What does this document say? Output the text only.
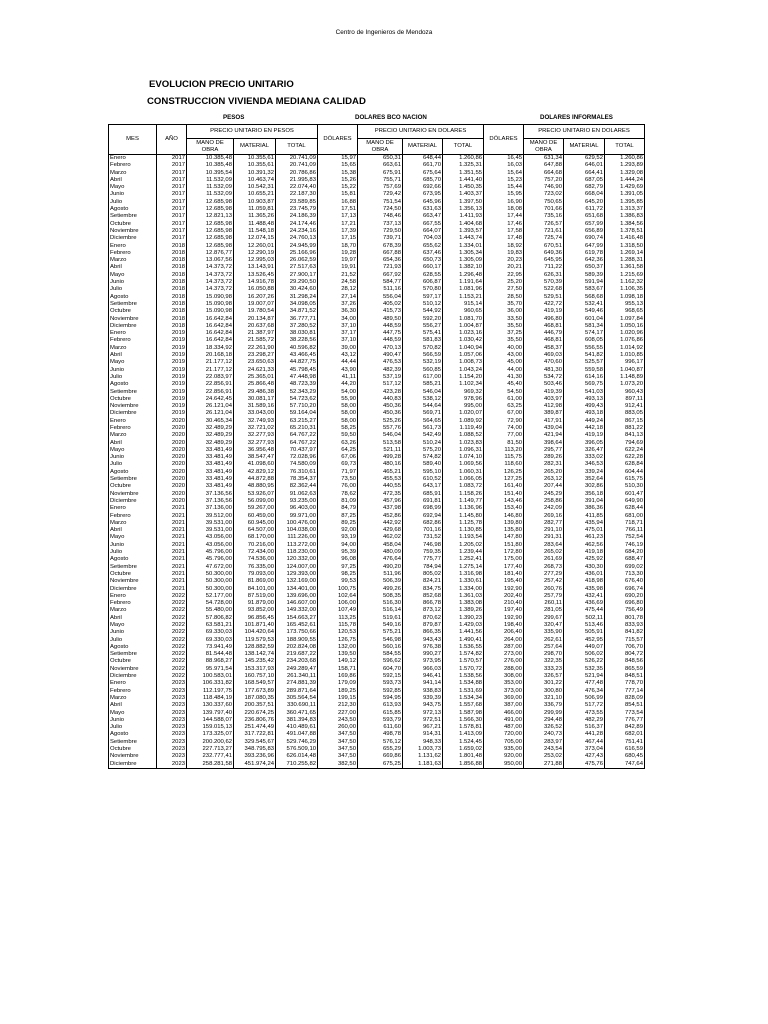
Centro de Ingenieros de Mendoza
EVOLUCION PRECIO UNITARIO
CONSTRUCCION VIVIENDA MEDIANA CALIDAD
PESOS	DOLARES BCO NACION	DOLARES INFORMALES
MES	AÑO	PRECIO UNITARIO EN PESOS			DÓLARES	PRECIO UNITARIO EN DOLARES			DÓLARES	PRECIO UNITARIO EN DOLARES		
		MANO DE OBRA	MATERIAL	TOTAL		MANO DE OBRA	MATERIAL	TOTAL		MANO DE OBRA	MATERIAL	TOTAL
Enero	2017	10.385,48	10.355,61	20.741,09	15,97	650,31	648,44	1.260,86	16,45	631,34	629,52	1.260,86
Febrero	2017	10.385,48	10.355,61	20.741,09	15,65	663,61	661,70	1.325,31	16,03	647,88	646,01	1.293,89
Marzo	2017	10.395,54	10.391,32	20.786,86	15,38	675,91	675,64	1.351,55	15,64	664,68	664,41	1.329,08
Abril	2017	11.532,09	10.463,74	21.995,83	15,26	755,71	685,70	1.441,40	15,23	757,20	687,05	1.444,24
Mayo	2017	11.532,09	10.542,31	22.074,40	15,22	757,69	692,66	1.450,35	15,44	746,90	682,79	1.429,69
Junio	2017	11.532,09	10.655,21	22.187,30	15,81	729,42	673,95	1.403,37	15,95	723,02	668,04	1.391,05
Julio	2017	12.685,98	10.903,87	23.589,85	16,88	751,54	645,96	1.397,50	16,90	750,65	645,20	1.395,85
Agosto	2017	12.685,98	11.059,81	23.745,79	17,51	724,50	631,63	1.356,13	18,08	701,66	611,72	1.313,37
Setiembre	2017	12.821,13	11.365,26	24.186,39	17,13	748,46	663,47	1.411,93	17,44	735,16	651,68	1.386,83
Octubre	2017	12.685,98	11.488,48	24.174,46	17,21	737,13	667,55	1.404,68	17,46	726,57	657,99	1.384,56
Noviembre	2017	12.685,98	11.548,18	24.234,16	17,39	729,50	664,07	1.393,57	17,58	721,61	656,89	1.378,51
Diciembre	2017	12.685,98	12.074,15	24.760,13	17,15	739,71	704,03	1.443,74	17,48	725,74	690,74	1.416,48
Enero	2018	12.685,98	12.260,01	24.945,99	18,70	678,39	655,62	1.334,01	18,92	670,51	647,99	1.318,50
Febrero	2018	12.876,77	12.290,19	25.166,96	19,28	667,88	637,46	1.305,34	19,83	649,36	619,78	1.269,14
Marzo	2018	13.067,56	12.995,03	26.062,59	19,97	654,36	650,73	1.305,09	20,23	645,95	642,36	1.288,31
Abril	2018	14.373,72	13.143,91	27.517,63	19,91	721,93	660,17	1.382,10	20,21	711,22	650,37	1.361,58
Mayo	2018	14.373,72	13.526,45	27.900,17	21,52	667,92	628,55	1.296,48	22,95	626,31	589,39	1.215,69
Junio	2018	14.373,72	14.916,78	29.290,50	24,58	584,77	606,87	1.191,64	25,20	570,39	591,94	1.162,32
Julio	2018	14.373,72	16.050,88	30.424,60	28,12	511,16	570,80	1.081,96	27,50	522,68	583,67	1.106,35
Agosto	2018	15.090,98	16.207,26	31.298,24	27,14	556,04	597,17	1.153,21	28,50	529,51	568,68	1.098,18
Setiembre	2018	15.090,98	19.007,07	34.098,05	37,26	405,02	510,12	915,14	35,70	422,72	532,41	955,13
Octubre	2018	15.090,98	19.780,54	34.871,52	36,30	415,73	544,92	960,65	36,00	419,19	549,46	968,65
Noviembre	2018	16.642,84	20.134,87	36.777,71	34,00	489,50	592,20	1.081,70	33,50	496,80	601,04	1.097,84
Diciembre	2018	16.642,84	20.637,68	37.280,52	37,10	448,59	556,27	1.004,87	35,50	468,81	581,34	1.050,16
Enero	2019	16.642,84	21.387,97	38.030,81	37,17	447,75	575,41	1.023,16	37,25	446,79	574,17	1.020,96
Febrero	2019	16.642,84	21.585,72	38.228,56	37,10	448,59	581,83	1.030,42	35,50	468,81	608,05	1.076,86
Marzo	2019	18.334,92	22.261,90	40.596,82	39,00	470,13	570,82	1.040,94	40,00	458,37	556,55	1.014,92
Abril	2019	20.168,18	23.298,27	43.466,45	43,12	490,47	566,59	1.057,06	43,00	469,03	541,82	1.010,85
Mayo	2019	21.177,12	23.650,63	44.827,75	44,44	476,53	532,19	1.008,73	45,00	470,60	525,57	996,17
Junio	2019	21.177,12	24.621,33	45.798,45	43,90	482,39	560,85	1.043,24	44,00	481,30	559,58	1.040,87
Julio	2019	22.083,97	25.365,01	47.448,98	41,11	537,19	617,00	1.154,20	41,30	534,72	614,16	1.148,89
Agosto	2019	22.856,91	25.866,48	48.723,39	44,20	517,12	585,21	1.102,34	45,40	503,46	569,75	1.073,20
Setiembre	2019	22.856,91	29.486,38	52.343,29	54,00	423,28	546,04	969,32	54,50	419,39	541,03	960,43
Octubre	2019	24.642,45	30.081,17	54.723,62	55,90	440,83	538,12	978,96	61,00	403,97	493,13	897,11
Noviembre	2019	26.121,04	31.589,16	57.710,20	58,00	450,36	544,64	995,00	63,25	412,98	499,43	912,41
Diciembre	2019	26.121,04	33.043,00	59.164,04	58,00	450,36	569,71	1.020,07	67,00	389,87	493,18	883,05
Enero	2020	30.465,34	32.749,93	63.215,27	58,00	525,26	564,65	1.089,92	72,90	417,91	449,24	867,15
Febrero	2020	32.489,29	32.721,02	65.210,31	58,25	557,76	561,73	1.119,49	74,00	439,04	442,18	881,22
Marzo	2020	32.489,29	32.277,93	64.767,22	59,50	546,04	542,49	1.088,52	77,00	421,94	419,19	841,13
Abril	2020	32.489,29	32.277,93	64.767,22	63,26	513,58	510,24	1.023,83	81,50	398,64	396,05	794,69
Mayo	2020	33.481,49	36.956,48	70.437,97	64,25	521,11	575,20	1.096,31	113,20	295,77	326,47	622,24
Junio	2020	33.481,49	38.547,47	72.028,96	67,06	499,28	574,82	1.074,10	115,75	289,26	333,02	622,28
Julio	2020	33.481,49	41.098,60	74.580,09	69,73	480,16	589,40	1.069,56	118,60	282,31	346,53	628,84
Agosto	2020	33.481,49	42.829,12	76.310,61	71,97	465,21	595,10	1.060,31	126,25	265,20	339,24	604,44
Setiembre	2020	33.481,49	44.872,88	78.354,37	73,50	455,53	610,52	1.066,05	127,25	263,12	352,64	615,75
Octubre	2020	33.481,49	48.880,95	82.362,44	76,00	440,55	643,17	1.083,72	161,40	207,44	302,86	510,30
Noviembre	2020	37.136,56	53.926,07	91.062,63	78,62	472,35	685,91	1.158,26	151,40	245,29	356,18	601,47
Diciembre	2020	37.136,56	56.099,00	93.235,00	81,09	457,96	691,81	1.149,77	143,46	258,86	391,04	649,90
Enero	2021	37.136,00	59.267,00	96.403,00	84,79	437,98	698,99	1.136,96	153,40	242,09	386,36	628,44
Febrero	2021	39.512,00	60.459,00	99.971,00	87,25	452,86	692,94	1.145,80	146,80	269,16	411,85	681,00
Marzo	2021	39.531,00	60.945,00	100.476,00	89,25	442,92	682,86	1.125,78	139,80	282,77	435,94	718,71
Abril	2021	39.531,00	64.507,00	104.038,00	92,00	429,68	701,16	1.130,85	135,80	291,10	475,01	766,11
Mayo	2021	43.056,00	68.170,00	111.226,00	93,19	462,02	731,52	1.193,54	147,80	291,31	461,23	752,54
Junio	2021	43.056,00	70.216,00	113.272,00	94,00	458,04	746,98	1.205,02	151,80	283,64	462,56	746,19
Julio	2021	45.796,00	72.434,00	118.230,00	95,39	480,09	759,35	1.239,44	172,80	265,02	419,18	684,20
Agosto	2021	45.796,00	74.536,00	120.332,00	96,08	476,64	775,77	1.252,41	175,00	261,69	425,92	688,47
Setiembre	2021	47.672,00	76.335,00	124.007,00	97,25	490,20	784,94	1.275,14	177,40	268,73	430,30	699,02
Octubre	2021	50.300,00	79.093,00	129.393,00	98,25	511,96	805,02	1.316,98	181,40	277,29	436,01	713,30
Noviembre	2021	50.300,00	81.869,00	132.169,00	99,53	506,39	824,21	1.330,61	195,40	257,42	418,98	676,40
Diciembre	2021	50.300,00	84.101,00	134.401,00	100,75	499,26	834,75	1.334,00	192,90	260,76	435,98	696,74
Enero	2022	52.177,00	87.519,00	139.696,00	102,64	508,35	852,68	1.361,03	202,40	257,79	432,41	690,20
Febrero	2022	54.728,00	91.879,00	146.607,00	106,00	516,30	866,78	1.383,08	210,40	260,11	436,69	696,80
Marzo	2022	55.480,00	93.852,00	149.332,00	107,49	516,14	873,12	1.389,26	197,40	281,05	475,44	756,49
Abril	2022	57.806,82	96.856,45	154.663,27	113,25	519,61	870,62	1.390,23	192,90	299,67	502,11	801,78
Mayo	2022	63.581,21	101.871,40	165.452,61	115,78	549,16	879,87	1.429,03	198,40	320,47	513,46	833,93
Junio	2022	69.330,03	104.420,64	173.750,66	120,53	575,21	866,35	1.441,56	206,40	335,90	505,91	841,82
Julio	2022	69.330,03	119.579,53	188.909,55	126,75	546,98	943,43	1.490,41	264,00	262,61	452,95	715,57
Agosto	2022	73.941,49	128.882,59	202.824,08	132,00	560,16	976,38	1.536,55	287,00	257,64	449,07	706,70
Setiembre	2022	81.544,48	138.142,74	219.687,22	139,50	584,55	990,27	1.574,82	273,00	298,70	506,02	804,72
Octubre	2022	88.968,27	145.235,42	234.203,68	149,12	596,62	973,95	1.570,57	276,00	322,35	526,22	848,56
Noviembre	2022	95.971,54	153.317,93	249.289,47	158,71	604,70	966,03	1.570,72	288,00	333,23	532,35	865,59
Diciembre	2022	100.583,01	160.757,10	261.340,11	169,86	592,15	946,41	1.538,56	308,00	326,57	521,94	848,51
Enero	2023	106.331,82	168.549,57	274.881,39	179,09	593,73	941,14	1.534,88	353,00	301,22	477,48	778,70
Febrero	2023	112.197,75	177.673,89	289.871,64	189,25	592,85	938,83	1.531,69	373,00	300,80	476,34	777,14
Marzo	2023	118.484,19	187.080,35	305.564,54	199,15	594,95	939,39	1.534,34	369,00	321,10	506,99	828,09
Abril	2023	130.337,60	200.357,51	330.690,11	212,30	613,93	943,75	1.557,68	387,00	336,79	517,72	854,51
Mayo	2023	139.797,40	220.674,25	360.471,65	227,00	615,85	972,13	1.587,98	466,00	299,99	473,55	773,54
Junio	2023	144.588,07	236.806,76	381.394,83	243,50	593,79	972,51	1.566,30	491,00	294,48	482,29	776,77
Julio	2023	159.015,13	251.474,49	410.489,61	260,00	611,60	967,21	1.578,81	487,00	326,52	516,37	842,89
Agosto	2023	173.325,07	317.722,81	491.047,88	347,50	498,78	914,31	1.413,09	720,00	240,73	441,28	682,01
Setiembre	2023	200.200,62	329.545,67	529.746,29	347,50	576,12	948,33	1.524,45	705,00	283,97	467,44	751,41
Octubre	2023	227.713,27	348.795,83	576.509,10	347,50	655,29	1.003,73	1.659,02	935,00	243,54	373,04	616,59
Noviembre	2023	232.777,41	393.236,96	626.014,48	347,50	669,86	1.131,62	1.801,48	920,00	253,02	427,43	680,45
Diciembre	2023	258.281,58	451.974,24	710.255,82	382,50	675,25	1.181,63	1.856,88	950,00	271,88	475,76	747,64
